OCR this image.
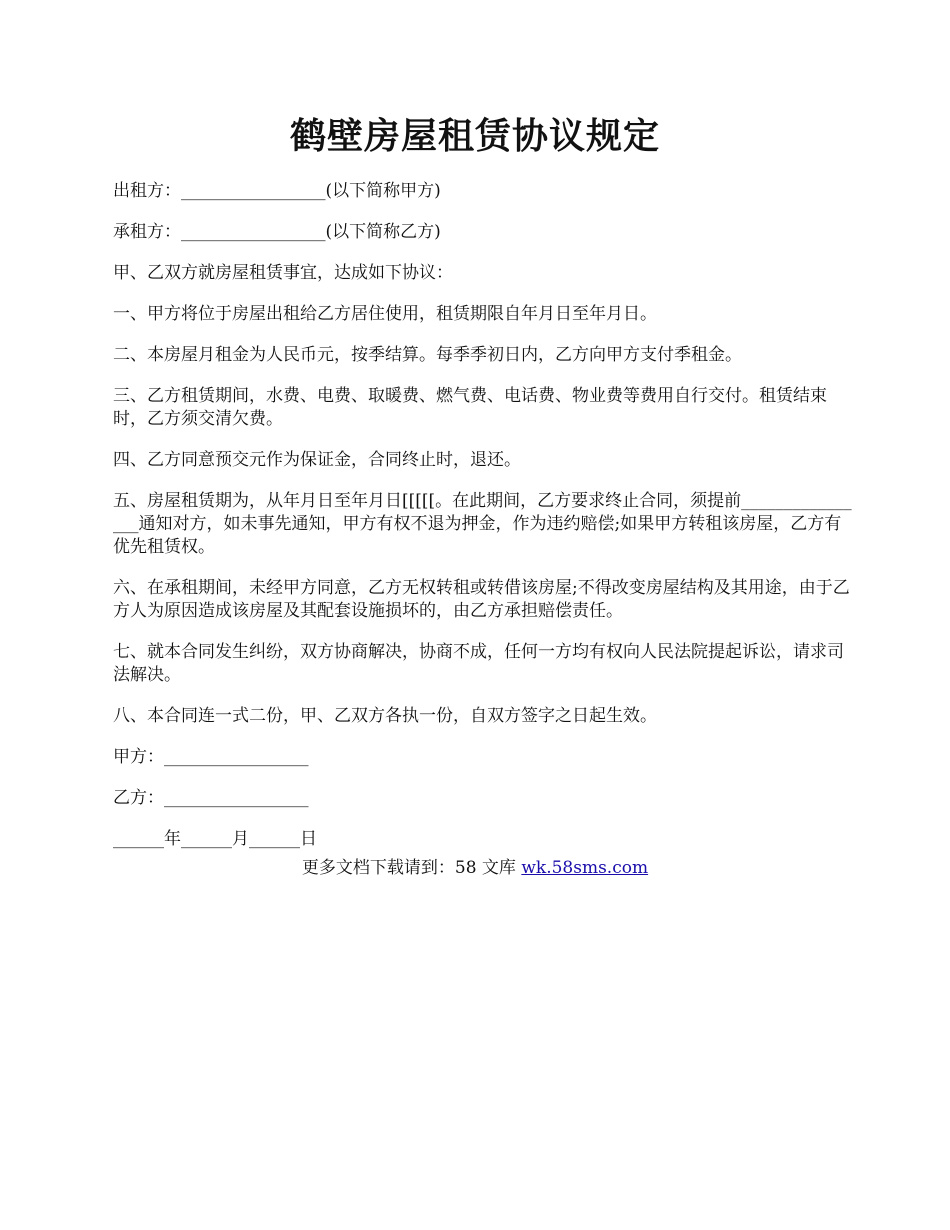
鹤壁房屋租赁协议规定

出租方：_________________(以下简称甲方)

承租方：_________________(以下简称乙方)

甲、乙双方就房屋租赁事宜，达成如下协议：

一、甲方将位于房屋出租给乙方居住使用，租赁期限自年月日至年月日。

二、本房屋月租金为人民币元，按季结算。每季季初日内，乙方向甲方支付季租金。

三、乙方租赁期间，水费、电费、取暖费、燃气费、电话费、物业费等费用自行交付。租赁结束时，乙方须交清欠费。

四、乙方同意预交元作为保证金，合同终止时，退还。

五、房屋租赁期为，从年月日至年月日[[[[[。在此期间，乙方要求终止合同，须提前________________通知对方，如未事先通知，甲方有权不退为押金，作为违约赔偿;如果甲方转租该房屋，乙方有优先租赁权。

六、在承租期间，未经甲方同意，乙方无权转租或转借该房屋;不得改变房屋结构及其用途，由于乙方人为原因造成该房屋及其配套设施损坏的，由乙方承担赔偿责任。

七、就本合同发生纠纷，双方协商解决，协商不成，任何一方均有权向人民法院提起诉讼，请求司法解决。

八、本合同连一式二份，甲、乙双方各执一份，自双方签字之日起生效。

甲方：_________________

乙方：_________________

______年______月______日

更多文档下载请到：58 文库 wk.58sms.com
